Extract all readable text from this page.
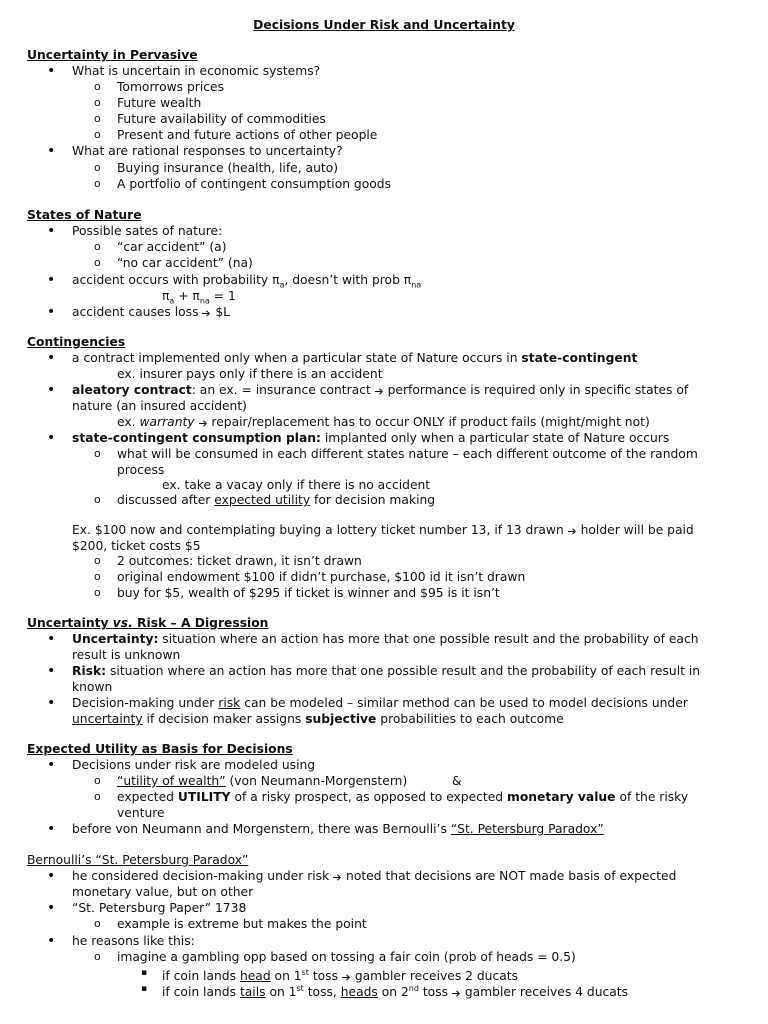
Decisions Under Risk and Uncertainty
Uncertainty in Pervasive
• What is uncertain in economic systems?
o Tomorrows prices
o Future wealth
o Future availability of commodities
o Present and future actions of other people
• What are rational responses to uncertainty?
o Buying insurance (health, life, auto)
o A portfolio of contingent consumption goods
States of Nature
• Possible sates of nature:
o “car accident” (a)
o “no car accident” (na)
• accident occurs with probability $\pi_a$, doesn’t with prob $\pi_{na}$
$\pi_a + \pi_{na} = 1$
• accident causes loss  $L
Contingencies
• a contract implemented only when a particular state of Nature occurs in state-contingent
ex. insurer pays only if there is an accident
• aleatory contract: an ex. = insurance contract  performance is required only in specific states of
nature (an insured accident)
ex. warranty  repair/replacement has to occur ONLY if product fails (might/might not)
• state-contingent consumption plan: implanted only when a particular state of Nature occurs
o what will be consumed in each different states nature – each different outcome of the random
process
ex. take a vacay only if there is no accident
o discussed after expected utility for decision making
Ex. $100 now and contemplating buying a lottery ticket number 13, if 13 drawn  holder will be paid
$200, ticket costs $5
o 2 outcomes: ticket drawn, it isn’t drawn
o original endowment $100 if didn’t purchase, $100 id it isn’t drawn
o buy for $5, wealth of $295 if ticket is winner and $95 is it isn’t
Uncertainty vs. Risk – A Digression
• Uncertainty: situation where an action has more that one possible result and the probability of each
result is unknown
• Risk: situation where an action has more that one possible result and the probability of each result in
known
• Decision-making under risk can be modeled – similar method can be used to model decisions under
uncertainty if decision maker assigns subjective probabilities to each outcome
Expected Utility as Basis for Decisions
• Decisions under risk are modeled using
o “utility of wealth” (von Neumann-Morgenstern)	&
o expected UTILITY of a risky prospect, as opposed to expected monetary value of the risky
venture
• before von Neumann and Morgenstern, there was Bernoulli’s “St. Petersburg Paradox”
Bernoulli’s “St. Petersburg Paradox”
• he considered decision-making under risk  noted that decisions are NOT made basis of expected
monetary value, but on other
• “St. Petersburg Paper” 1738
o example is extreme but makes the point
• he reasons like this:
o imagine a gambling opp based on tossing a fair coin (prob of heads = 0.5)
▪ if coin lands head on 1st toss  gambler receives 2 ducats
▪ if coin lands tails on 1st toss, heads on 2nd toss  gambler receives 4 ducats
